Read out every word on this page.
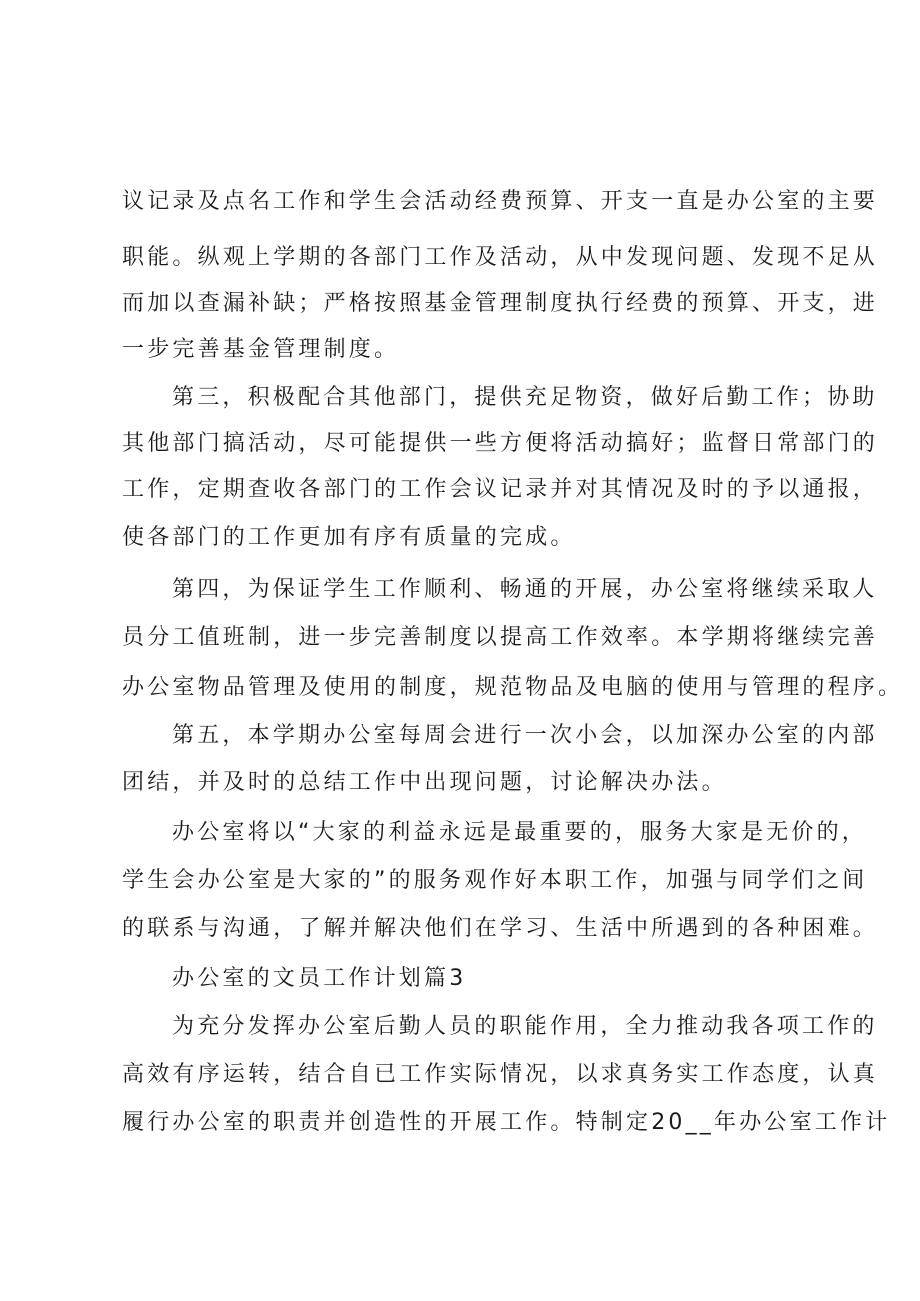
议记录及点名工作和学生会活动经费预算、开支一直是办公室的主要
职能。纵观上学期的各部门工作及活动，从中发现问题、发现不足从
而加以查漏补缺；严格按照基金管理制度执行经费的预算、开支，进
一步完善基金管理制度。
第三，积极配合其他部门，提供充足物资，做好后勤工作；协助
其他部门搞活动，尽可能提供一些方便将活动搞好；监督日常部门的
工作，定期查收各部门的工作会议记录并对其情况及时的予以通报，
使各部门的工作更加有序有质量的完成。
第四，为保证学生工作顺利、畅通的开展，办公室将继续采取人
员分工值班制，进一步完善制度以提高工作效率。本学期将继续完善
办公室物品管理及使用的制度，规范物品及电脑的使用与管理的程序。
第五，本学期办公室每周会进行一次小会，以加深办公室的内部
团结，并及时的总结工作中出现问题，讨论解决办法。
办公室将以“大家的利益永远是最重要的，服务大家是无价的，
学生会办公室是大家的”的服务观作好本职工作，加强与同学们之间
的联系与沟通，了解并解决他们在学习、生活中所遇到的各种困难。
办公室的文员工作计划篇3
为充分发挥办公室后勤人员的职能作用，全力推动我各项工作的
高效有序运转，结合自已工作实际情况，以求真务实工作态度，认真
履行办公室的职责并创造性的开展工作。特制定20__年办公室工作计
